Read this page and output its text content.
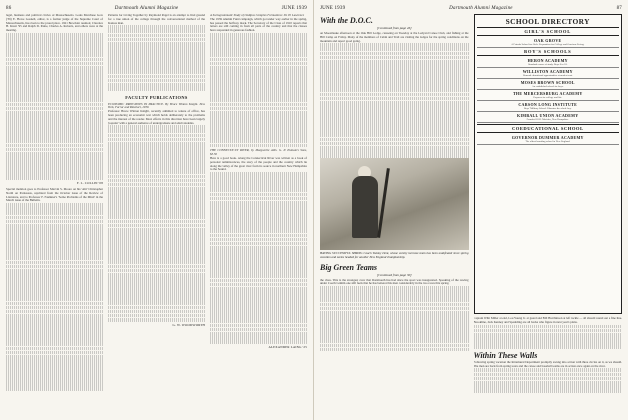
86	Dartmouth Alumni Magazine	JUNE 1939

legal, business and political circles of Massachusetts. Louis Marchese Gow ('39) E. Howe Gosnell, editor, is a former judge of the Supreme Court of Massachusetts, has risen to the proud place. 1921 Bowdoin reunion; Clarence H. Knott '95 and Ralph D. Paine, Charles A. Roberts, and others were at the meeting.

F. L. COLLIN '08

Special mention goes to Professor Marvin S. Moore on his 'Ahi' Christopher North on Parnassus, reprinted from the October issue of the Review of Literature, and to Professor F. Faulkner's 'Some Problems of the Mind' in the March issue of the Bulletin.

Patterns for Living Together by Raymond Pegel is an attempt to find ground for a true union of the college through the conversational method of the Kansas man.

FACULTY PUBLICATIONS

ECONOMIC PRINCIPLES IN PRACTICE. By Bruce Winton Knight. New York, Farrar and Rinehart, 1939.

Professor Bruce Winton Knight, recently admitted to tenure of office, has been producing an economic text which holds deliberately to the problems and the interest of the reader. Most efforts in this direction have been largely 'popular' with a general audience of undergraduate and adult students.

G. W. WOODWORTH

A Sociogrammatic Study of Oedipus Complex Formations: Dr. H. Lawrence

The 1939 Alumni Fund campaign, which got under way earlier in the spring, has passed the halfway mark. The Secretary of the Class of 1910 reports that letters are still coming in from all parts of the country and that the classes have responded in generous fashion.

THE CONNECTICUT RIVER, by Marguerite Allis. G. P. Putnam's Sons, $3.50

Here is a good book. Along the Connecticut River was written as a book of personal reminiscences, the story of the people and the country which lie along the valley of the great river from its source in northern New Hampshire to the Sound.

ALEXANDER LAING '25

JUNE 1939	Dartmouth Alumni Magazine	87
With the D.O.C.
[Continued from page 26]

on Moosilauke afternoon at the Oak Hill Lodge, canoeing on Tuesday at the Ledyard Canoe Club, and fishing at the Hill Camp on Friday. Many of the members of Cabin and Trail are visiting the lodges for the spring conditions on the mountain and report good going.

HAVING SUCCESSFUL SPRING Coach Tommy Dent, whose varsity lacrosse team has been undefeated since spring vacation and seems headed for another New England championship.

Big Green Teams
[Continued from page 30]

the class. This is the strongest crew that Dartmouth has had since the sport was inaugurated. Speaking of the rowing under Coach Grimm one still feels that he has bettered his men considerably in the two races this spring.

SCHOOL DIRECTORY
GIRL'S SCHOOL
OAK GROVE
A Friends School for Girls. Preparation for College and Gracious Living.
BOY'S SCHOOLS
HERON ACADEMY
Standard course of study. Boys 6 to 18.
WILLISTON ACADEMY
Unusual educational opportunities at modest cost.
MOSES BROWN SCHOOL
An established school for boys.
THE MERCERSBURG ACADEMY
Prepares for college and life.
CARSON LONG INSTITUTE
Boys' Military School. Educates the whole boy.
KIMBALL UNION ACADEMY
Founded 1813. Meriden, New Hampshire.
COEDUCATIONAL SCHOOL
GOVERNOR DUMMER ACADEMY
The oldest boarding school in New England.

Captain Whit Miller at end, Lou Young Jr. at guard and Bill Hutchinson at left tackle — all should round out a fine line. Brookline, Jack Kenney and Spaulding are all backs who figure in next year's plans.

Within These Walls

Following spring vacation the Intramural Department promptly swung into action with three circles on it, as we should. The men are back from spring tours and the canoe and baseball teams are in action once again on the river.
